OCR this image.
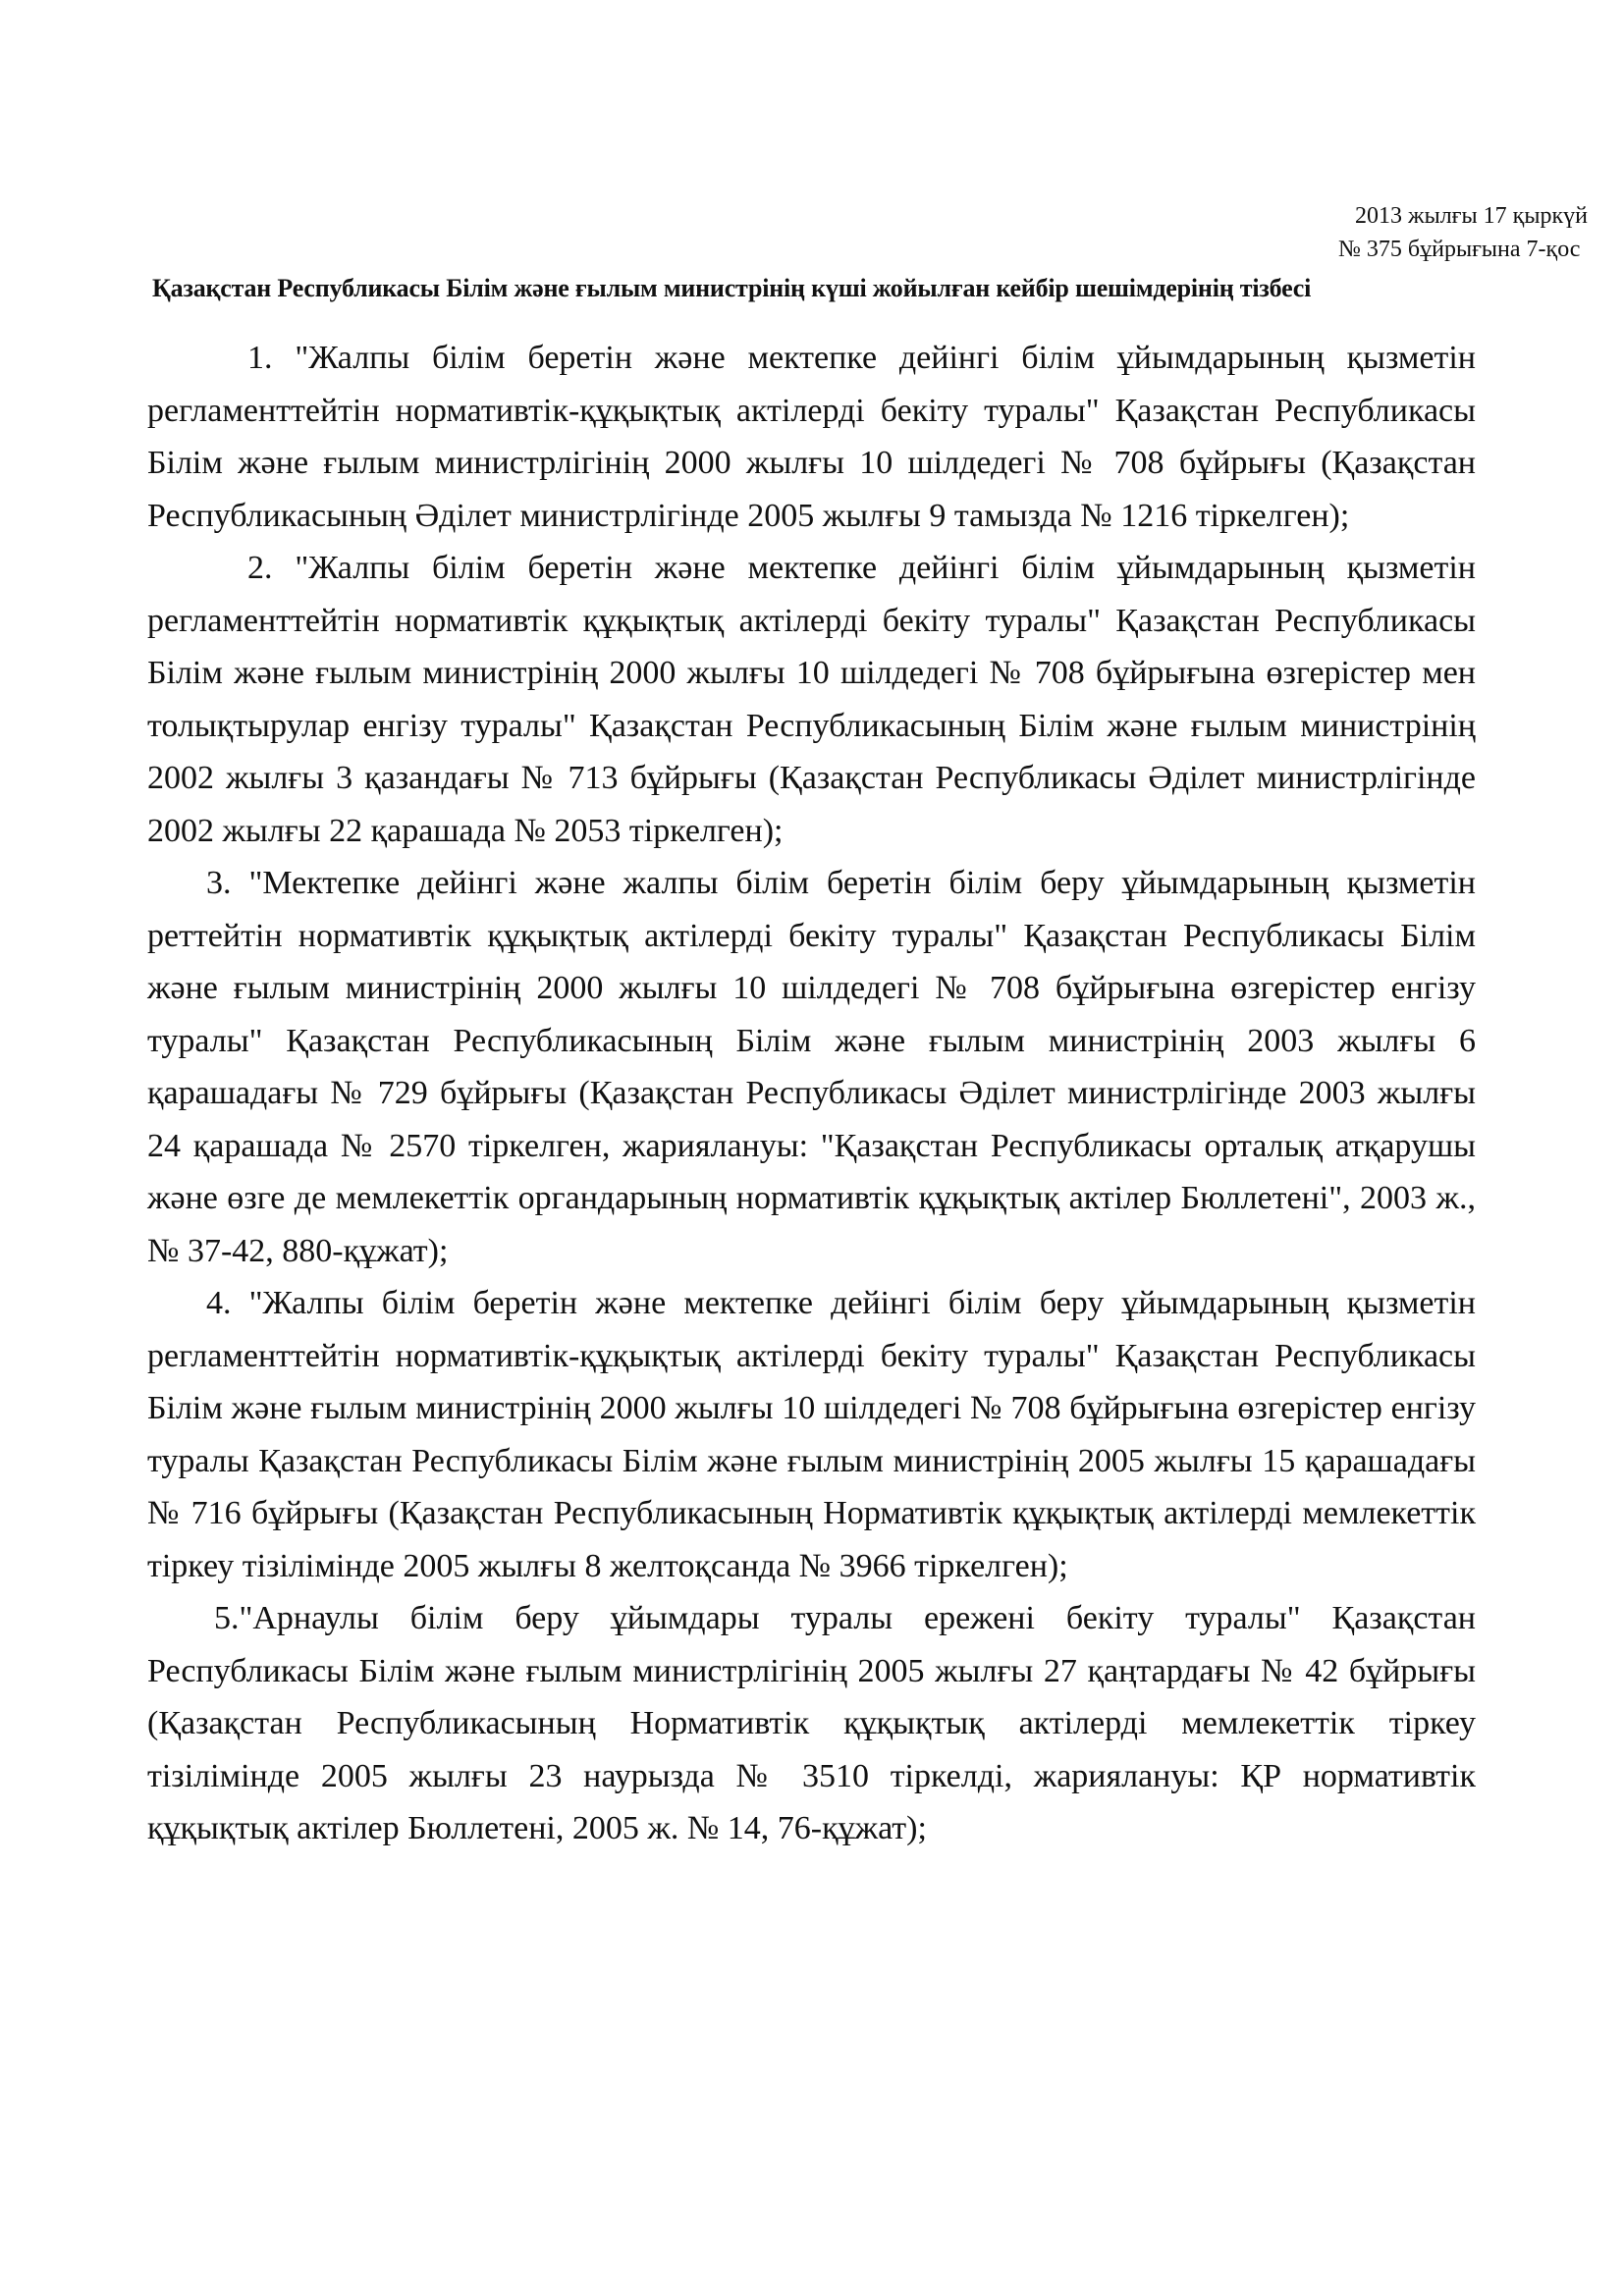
2013 жылғы 17 қыркүй
№ 375 бұйрығына 7-қос
Қазақстан Республикасы Білім және ғылым министрінің күші жойылған кейбір шешімдерінің тізбесі

1. "Жалпы білім беретін және мектепке дейінгі білім ұйымдарының қызметін регламенттейтін нормативтік-құқықтық актілерді бекіту туралы" Қазақстан Республикасы Білім және ғылым министрлігінің 2000 жылғы 10 шілдедегі № 708 бұйрығы (Қазақстан Республикасының Әділет министрлігінде 2005 жылғы 9 тамызда № 1216 тіркелген);

2. "Жалпы білім беретін және мектепке дейінгі білім ұйымдарының қызметін регламенттейтін нормативтік құқықтық актілерді бекіту туралы" Қазақстан Республикасы Білім және ғылым министрінің 2000 жылғы 10 шілдедегі № 708 бұйрығына өзгерістер мен толықтырулар енгізу туралы" Қазақстан Республикасының Білім және ғылым министрінің 2002 жылғы 3 қазандағы № 713 бұйрығы (Қазақстан Республикасы Әділет министрлігінде 2002 жылғы 22 қарашада № 2053 тіркелген);

3. "Мектепке дейінгі және жалпы білім беретін білім беру ұйымдарының қызметін реттейтін нормативтік құқықтық актілерді бекіту туралы" Қазақстан Республикасы Білім және ғылым министрінің 2000 жылғы 10 шілдедегі № 708 бұйрығына өзгерістер енгізу туралы" Қазақстан Республикасының Білім және ғылым министрінің 2003 жылғы 6 қарашадағы № 729 бұйрығы (Қазақстан Республикасы Әділет министрлігінде 2003 жылғы 24 қарашада № 2570 тіркелген, жариялануы: "Қазақстан Республикасы орталық атқарушы және өзге де мемлекеттік органдарының нормативтік құқықтық актілер Бюллетені", 2003 ж., № 37-42, 880-құжат);

4. "Жалпы білім беретін және мектепке дейінгі білім беру ұйымдарының қызметін регламенттейтін нормативтік-құқықтық актілерді бекіту туралы" Қазақстан Республикасы Білім және ғылым министрінің 2000 жылғы 10 шілдедегі № 708 бұйрығына өзгерістер енгізу туралы Қазақстан Республикасы Білім және ғылым министрінің 2005 жылғы 15 қарашадағы № 716 бұйрығы (Қазақстан Республикасының Нормативтік құқықтық актілерді мемлекеттік тіркеу тізілімінде 2005 жылғы 8 желтоқсанда № 3966 тіркелген);

5."Арнаулы білім беру ұйымдары туралы ережені бекіту туралы" Қазақстан Республикасы Білім және ғылым министрлігінің 2005 жылғы 27 қаңтардағы № 42 бұйрығы (Қазақстан Республикасының Нормативтік құқықтық актілерді мемлекеттік тіркеу тізілімінде 2005 жылғы 23 наурызда № 3510 тіркелді, жариялануы: ҚР нормативтік құқықтық актілер Бюллетені, 2005 ж. № 14, 76-құжат);
